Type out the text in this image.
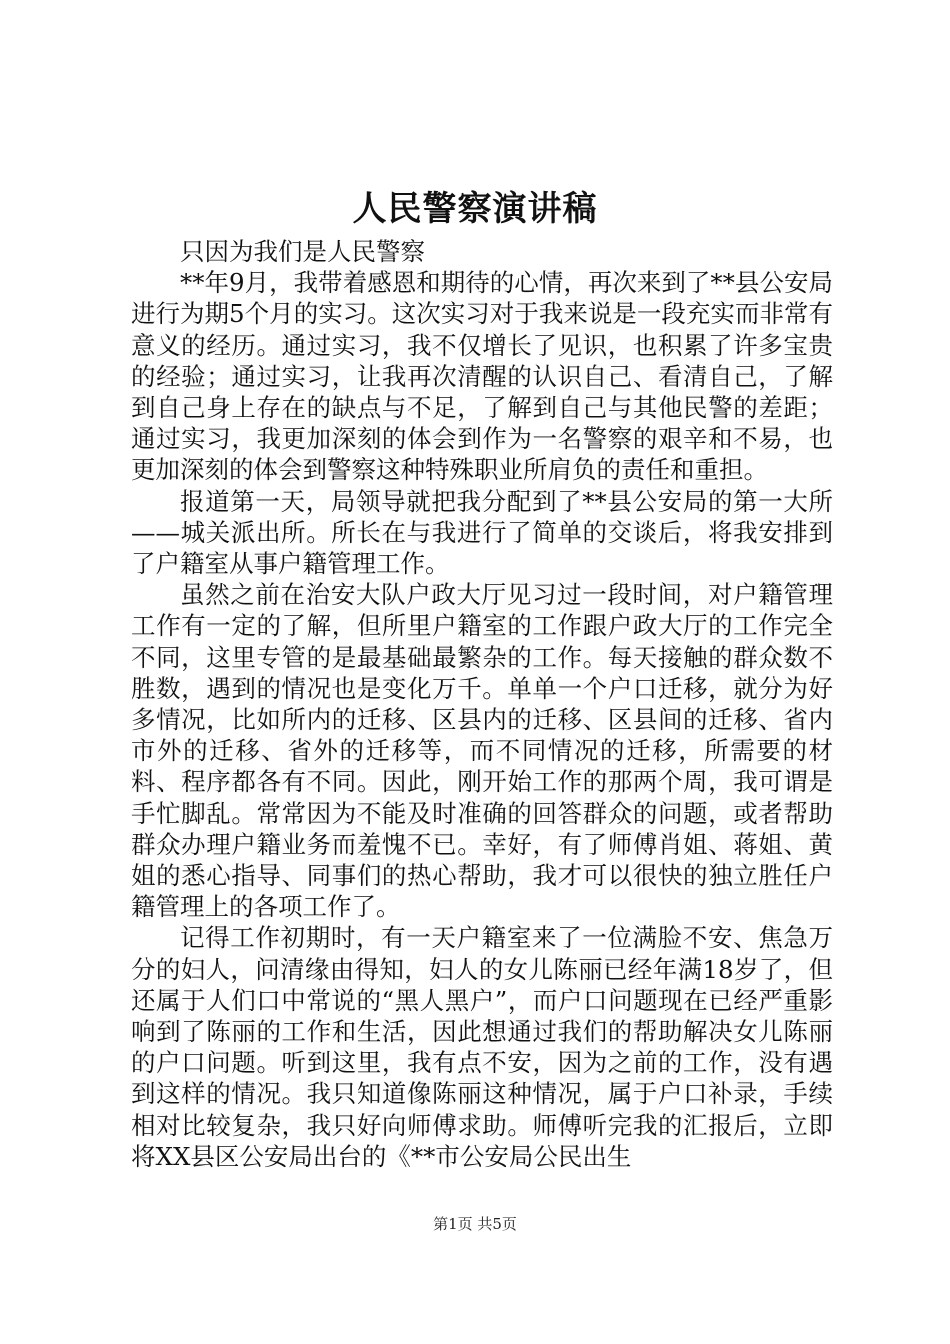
人民警察演讲稿

只因为我们是人民警察

**年9月，我带着感恩和期待的心情，再次来到了**县公安局进行为期5个月的实习。这次实习对于我来说是一段充实而非常有意义的经历。通过实习，我不仅增长了见识，也积累了许多宝贵的经验；通过实习，让我再次清醒的认识自己、看清自己，了解到自己身上存在的缺点与不足，了解到自己与其他民警的差距；通过实习，我更加深刻的体会到作为一名警察的艰辛和不易，也更加深刻的体会到警察这种特殊职业所肩负的责任和重担。

报道第一天，局领导就把我分配到了**县公安局的第一大所——城关派出所。所长在与我进行了简单的交谈后，将我安排到了户籍室从事户籍管理工作。

虽然之前在治安大队户政大厅见习过一段时间，对户籍管理工作有一定的了解，但所里户籍室的工作跟户政大厅的工作完全不同，这里专管的是最基础最繁杂的工作。每天接触的群众数不胜数，遇到的情况也是变化万千。单单一个户口迁移，就分为好多情况，比如所内的迁移、区县内的迁移、区县间的迁移、省内市外的迁移、省外的迁移等，而不同情况的迁移，所需要的材料、程序都各有不同。因此，刚开始工作的那两个周，我可谓是手忙脚乱。常常因为不能及时准确的回答群众的问题，或者帮助群众办理户籍业务而羞愧不已。幸好，有了师傅肖姐、蒋姐、黄姐的悉心指导、同事们的热心帮助，我才可以很快的独立胜任户籍管理上的各项工作了。

记得工作初期时，有一天户籍室来了一位满脸不安、焦急万分的妇人，问清缘由得知，妇人的女儿陈丽已经年满18岁了，但还属于人们口中常说的“黑人黑户”，而户口问题现在已经严重影响到了陈丽的工作和生活，因此想通过我们的帮助解决女儿陈丽的户口问题。听到这里，我有点不安，因为之前的工作，没有遇到这样的情况。我只知道像陈丽这种情况，属于户口补录，手续相对比较复杂，我只好向师傅求助。师傅听完我的汇报后，立即将XX县区公安局出台的《**市公安局公民出生

第1页 共5页
